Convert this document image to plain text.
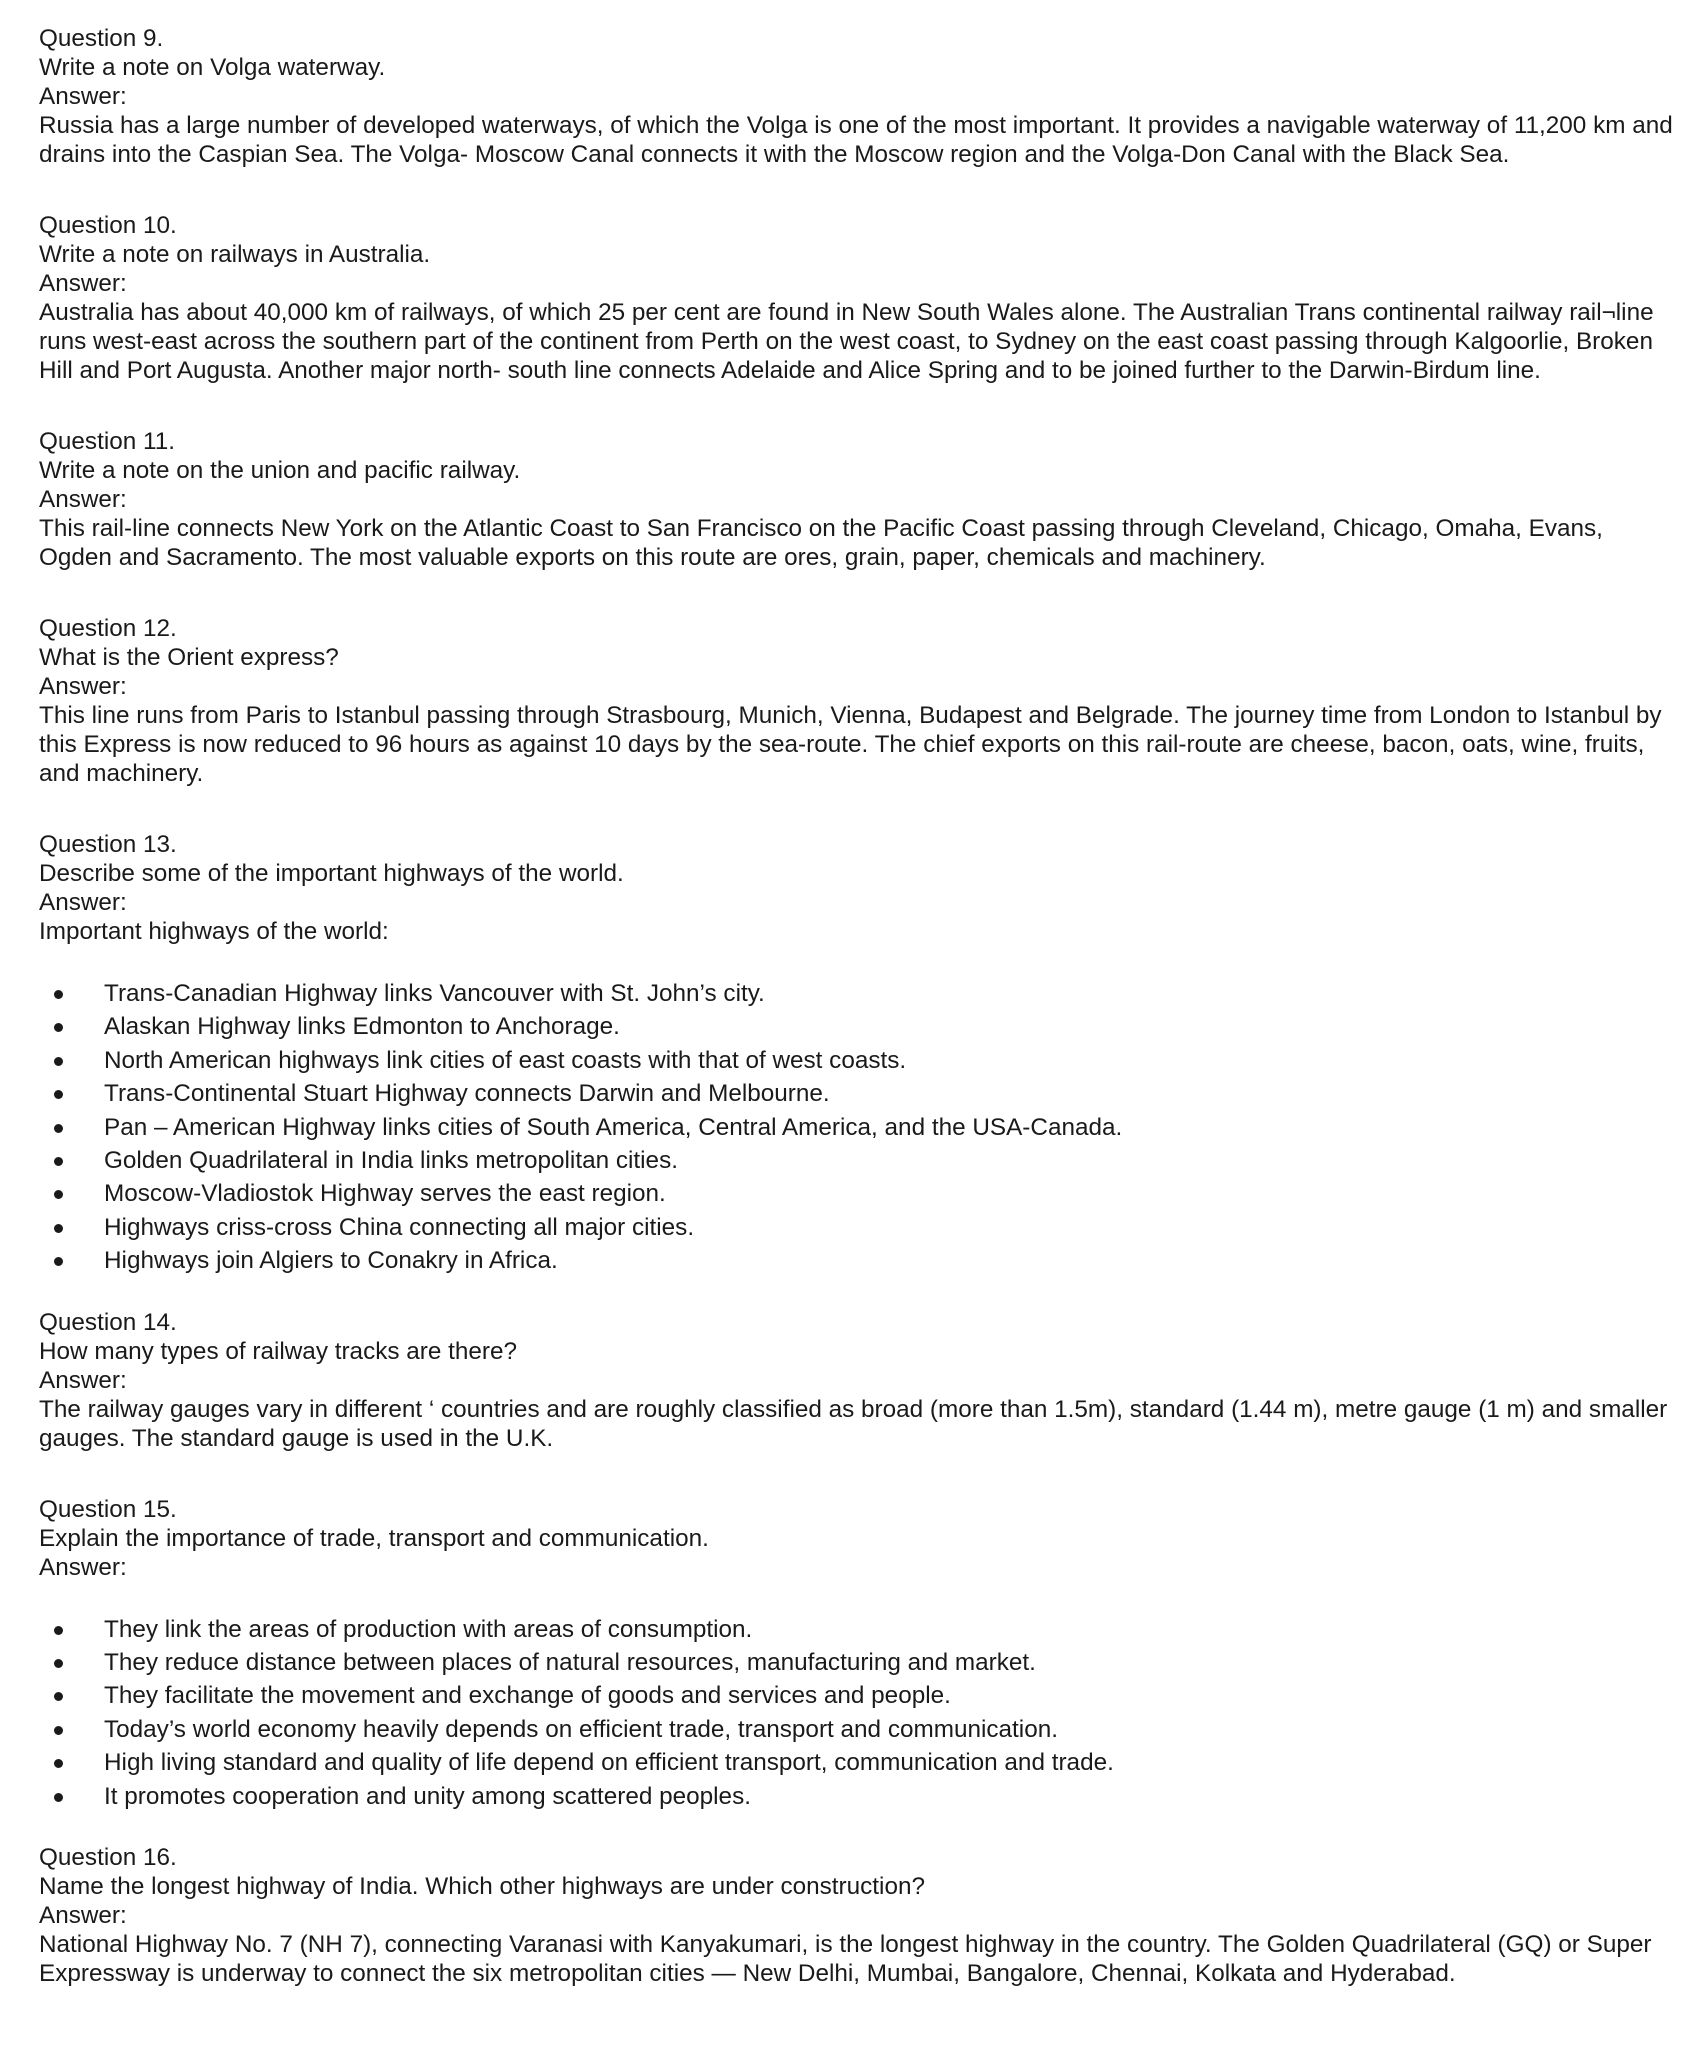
Question 9.

Write a note on Volga waterway.

Answer:

Russia has a large number of developed waterways, of which the Volga is one of the most important. It provides a navigable waterway of 11,200 km and drains into the Caspian Sea. The Volga- Moscow Canal connects it with the Moscow region and the Volga-Don Canal with the Black Sea.

Question 10.

Write a note on railways in Australia.

Answer:

Australia has about 40,000 km of railways, of which 25 per cent are found in New South Wales alone. The Australian Trans continental railway rail¬line runs west-east across the southern part of the continent from Perth on the west coast, to Sydney on the east coast passing through Kalgoorlie, Broken Hill and Port Augusta. Another major north- south line connects Adelaide and Alice Spring and to be joined further to the Darwin-Birdum line.

Question 11.

Write a note on the union and pacific railway.

Answer:

This rail-line connects New York on the Atlantic Coast to San Francisco on the Pacific Coast passing through Cleveland, Chicago, Omaha, Evans, Ogden and Sacramento. The most valuable exports on this route are ores, grain, paper, chemicals and machinery.

Question 12.

What is the Orient express?

Answer:

This line runs from Paris to Istanbul passing through Strasbourg, Munich, Vienna, Budapest and Belgrade. The journey time from London to Istanbul by this Express is now reduced to 96 hours as against 10 days by the sea-route. The chief exports on this rail-route are cheese, bacon, oats, wine, fruits, and machinery.

Question 13.

Describe some of the important highways of the world.

Answer:

Important highways of the world:

Trans-Canadian Highway links Vancouver with St. John’s city.
Alaskan Highway links Edmonton to Anchorage.
North American highways link cities of east coasts with that of west coasts.
Trans-Continental Stuart Highway connects Darwin and Melbourne.
Pan – American Highway links cities of South America, Central America, and the USA-Canada.
Golden Quadrilateral in India links metropolitan cities.
Moscow-Vladiostok Highway serves the east region.
Highways criss-cross China connecting all major cities.
Highways join Algiers to Conakry in Africa.

Question 14.

How many types of railway tracks are there?

Answer:

The railway gauges vary in different ‘ countries and are roughly classified as broad (more than 1.5m), standard (1.44 m), metre gauge (1 m) and smaller gauges. The standard gauge is used in the U.K.

Question 15.

Explain the importance of trade, transport and communication.

Answer:

They link the areas of production with areas of consumption.
They reduce distance between places of natural resources, manufacturing and market.
They facilitate the movement and exchange of goods and services and people.
Today’s world economy heavily depends on efficient trade, transport and communication.
High living standard and quality of life depend on efficient transport, communication and trade.
It promotes cooperation and unity among scattered peoples.

Question 16.

Name the longest highway of India. Which other highways are under construction?

Answer:

National Highway No. 7 (NH 7), connecting Varanasi with Kanyakumari, is the longest highway in the country. The Golden Quadrilateral (GQ) or Super Expressway is underway to connect the six metropolitan cities — New Delhi, Mumbai, Bangalore, Chennai, Kolkata and Hyderabad.
